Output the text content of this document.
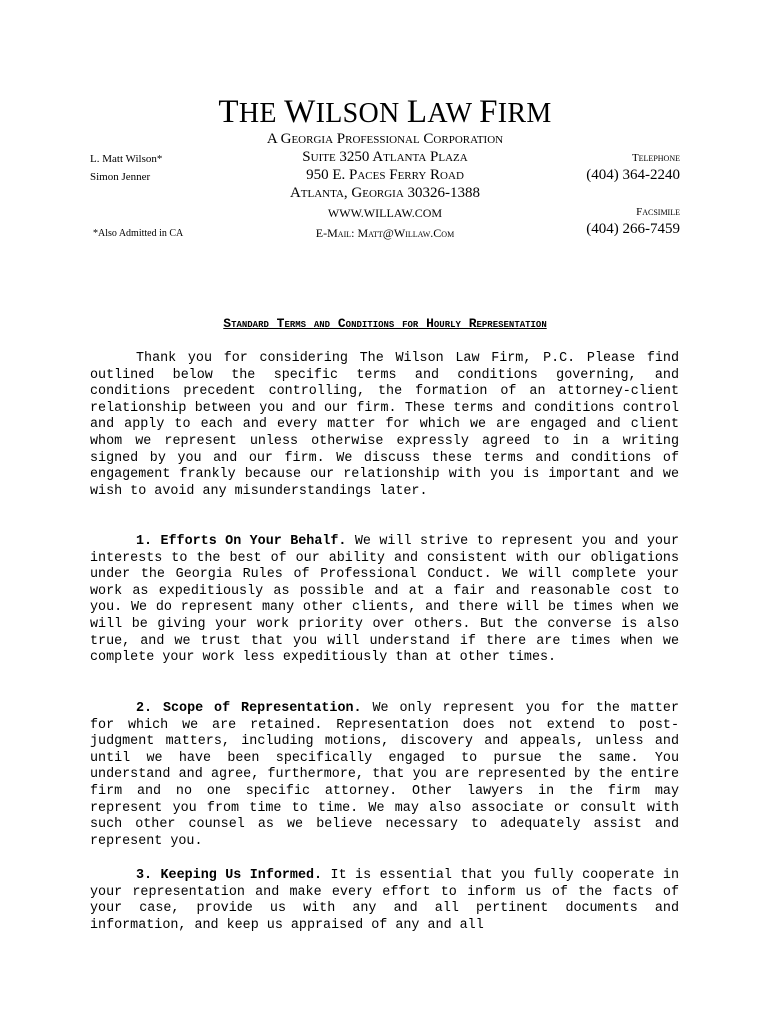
THE WILSON LAW FIRM
A Georgia Professional Corporation
Suite 3250 Atlanta Plaza
950 E. Paces Ferry Road
Atlanta, Georgia 30326-1388
WWW.WILLAW.COM
E-Mail: Matt@Willaw.Com
L. Matt Wilson*
Simon Jenner
*Also Admitted in CA
Telephone
(404) 364-2240
Facsimile
(404) 266-7459
Standard Terms and Conditions for Hourly Representation

Thank you for considering The Wilson Law Firm, P.C. Please find outlined below the specific terms and conditions governing, and conditions precedent controlling, the formation of an attorney-client relationship between you and our firm. These terms and conditions control and apply to each and every matter for which we are engaged and client whom we represent unless otherwise expressly agreed to in a writing signed by you and our firm. We discuss these terms and conditions of engagement frankly because our relationship with you is important and we wish to avoid any misunderstandings later.

1. Efforts On Your Behalf. We will strive to represent you and your interests to the best of our ability and consistent with our obligations under the Georgia Rules of Professional Conduct. We will complete your work as expeditiously as possible and at a fair and reasonable cost to you. We do represent many other clients, and there will be times when we will be giving your work priority over others. But the converse is also true, and we trust that you will understand if there are times when we complete your work less expeditiously than at other times.

2. Scope of Representation. We only represent you for the matter for which we are retained. Representation does not extend to post-judgment matters, including motions, discovery and appeals, unless and until we have been specifically engaged to pursue the same. You understand and agree, furthermore, that you are represented by the entire firm and no one specific attorney. Other lawyers in the firm may represent you from time to time. We may also associate or consult with such other counsel as we believe necessary to adequately assist and represent you.

3. Keeping Us Informed. It is essential that you fully cooperate in your representation and make every effort to inform us of the facts of your case, provide us with any and all pertinent documents and information, and keep us appraised of any and all
